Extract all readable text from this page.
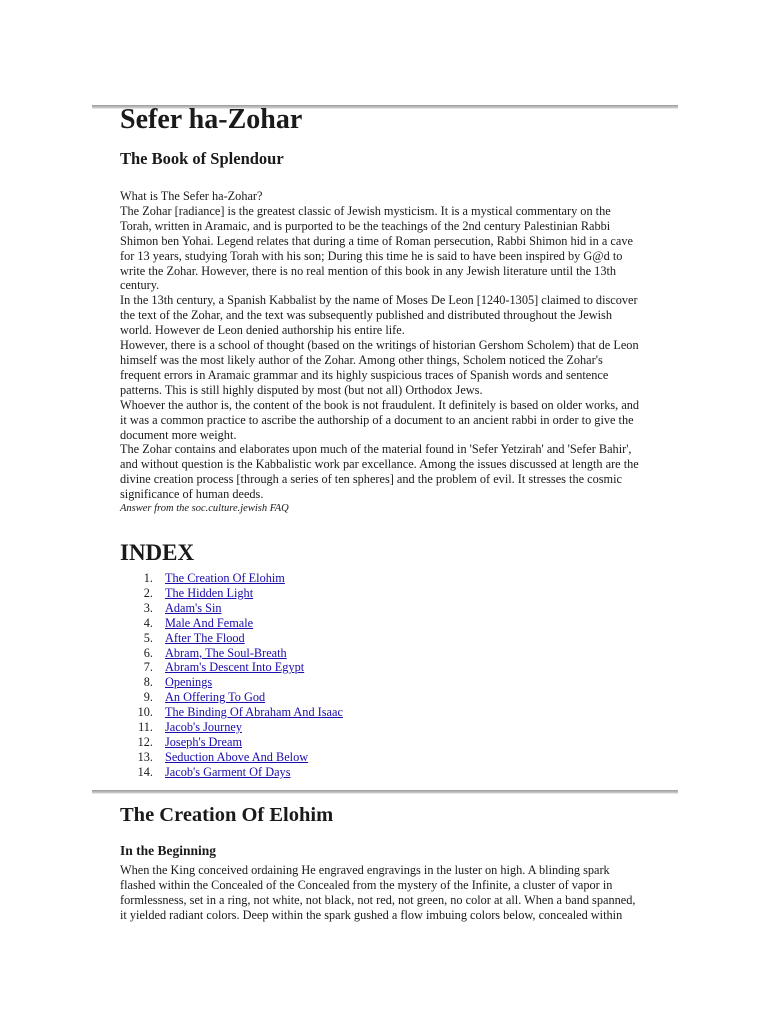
Sefer ha-Zohar
The Book of Splendour

What is The Sefer ha-Zohar?

The Zohar [radiance] is the greatest classic of Jewish mysticism. It is a mystical commentary on the Torah, written in Aramaic, and is purported to be the teachings of the 2nd century Palestinian Rabbi Shimon ben Yohai. Legend relates that during a time of Roman persecution, Rabbi Shimon hid in a cave for 13 years, studying Torah with his son; During this time he is said to have been inspired by G@d to write the Zohar. However, there is no real mention of this book in any Jewish literature until the 13th century.

In the 13th century, a Spanish Kabbalist by the name of Moses De Leon [1240-1305] claimed to discover the text of the Zohar, and the text was subsequently published and distributed throughout the Jewish world. However de Leon denied authorship his entire life.

However, there is a school of thought (based on the writings of historian Gershom Scholem) that de Leon himself was the most likely author of the Zohar. Among other things, Scholem noticed the Zohar's frequent errors in Aramaic grammar and its highly suspicious traces of Spanish words and sentence patterns. This is still highly disputed by most (but not all) Orthodox Jews.

Whoever the author is, the content of the book is not fraudulent. It definitely is based on older works, and it was a common practice to ascribe the authorship of a document to an ancient rabbi in order to give the document more weight.

The Zohar contains and elaborates upon much of the material found in 'Sefer Yetzirah' and 'Sefer Bahir', and without question is the Kabbalistic work par excellance. Among the issues discussed at length are the divine creation process [through a series of ten spheres] and the problem of evil. It stresses the cosmic significance of human deeds.

Answer from the soc.culture.jewish FAQ

INDEX
1. The Creation Of Elohim
2. The Hidden Light
3. Adam's Sin
4. Male And Female
5. After The Flood
6. Abram, The Soul-Breath
7. Abram's Descent Into Egypt
8. Openings
9. An Offering To God
10. The Binding Of Abraham And Isaac
11. Jacob's Journey
12. Joseph's Dream
13. Seduction Above And Below
14. Jacob's Garment Of Days
The Creation Of Elohim
In the Beginning

When the King conceived ordaining He engraved engravings in the luster on high. A blinding spark flashed within the Concealed of the Concealed from the mystery of the Infinite, a cluster of vapor in formlessness, set in a ring, not white, not black, not red, not green, no color at all. When a band spanned, it yielded radiant colors. Deep within the spark gushed a flow imbuing colors below, concealed within
